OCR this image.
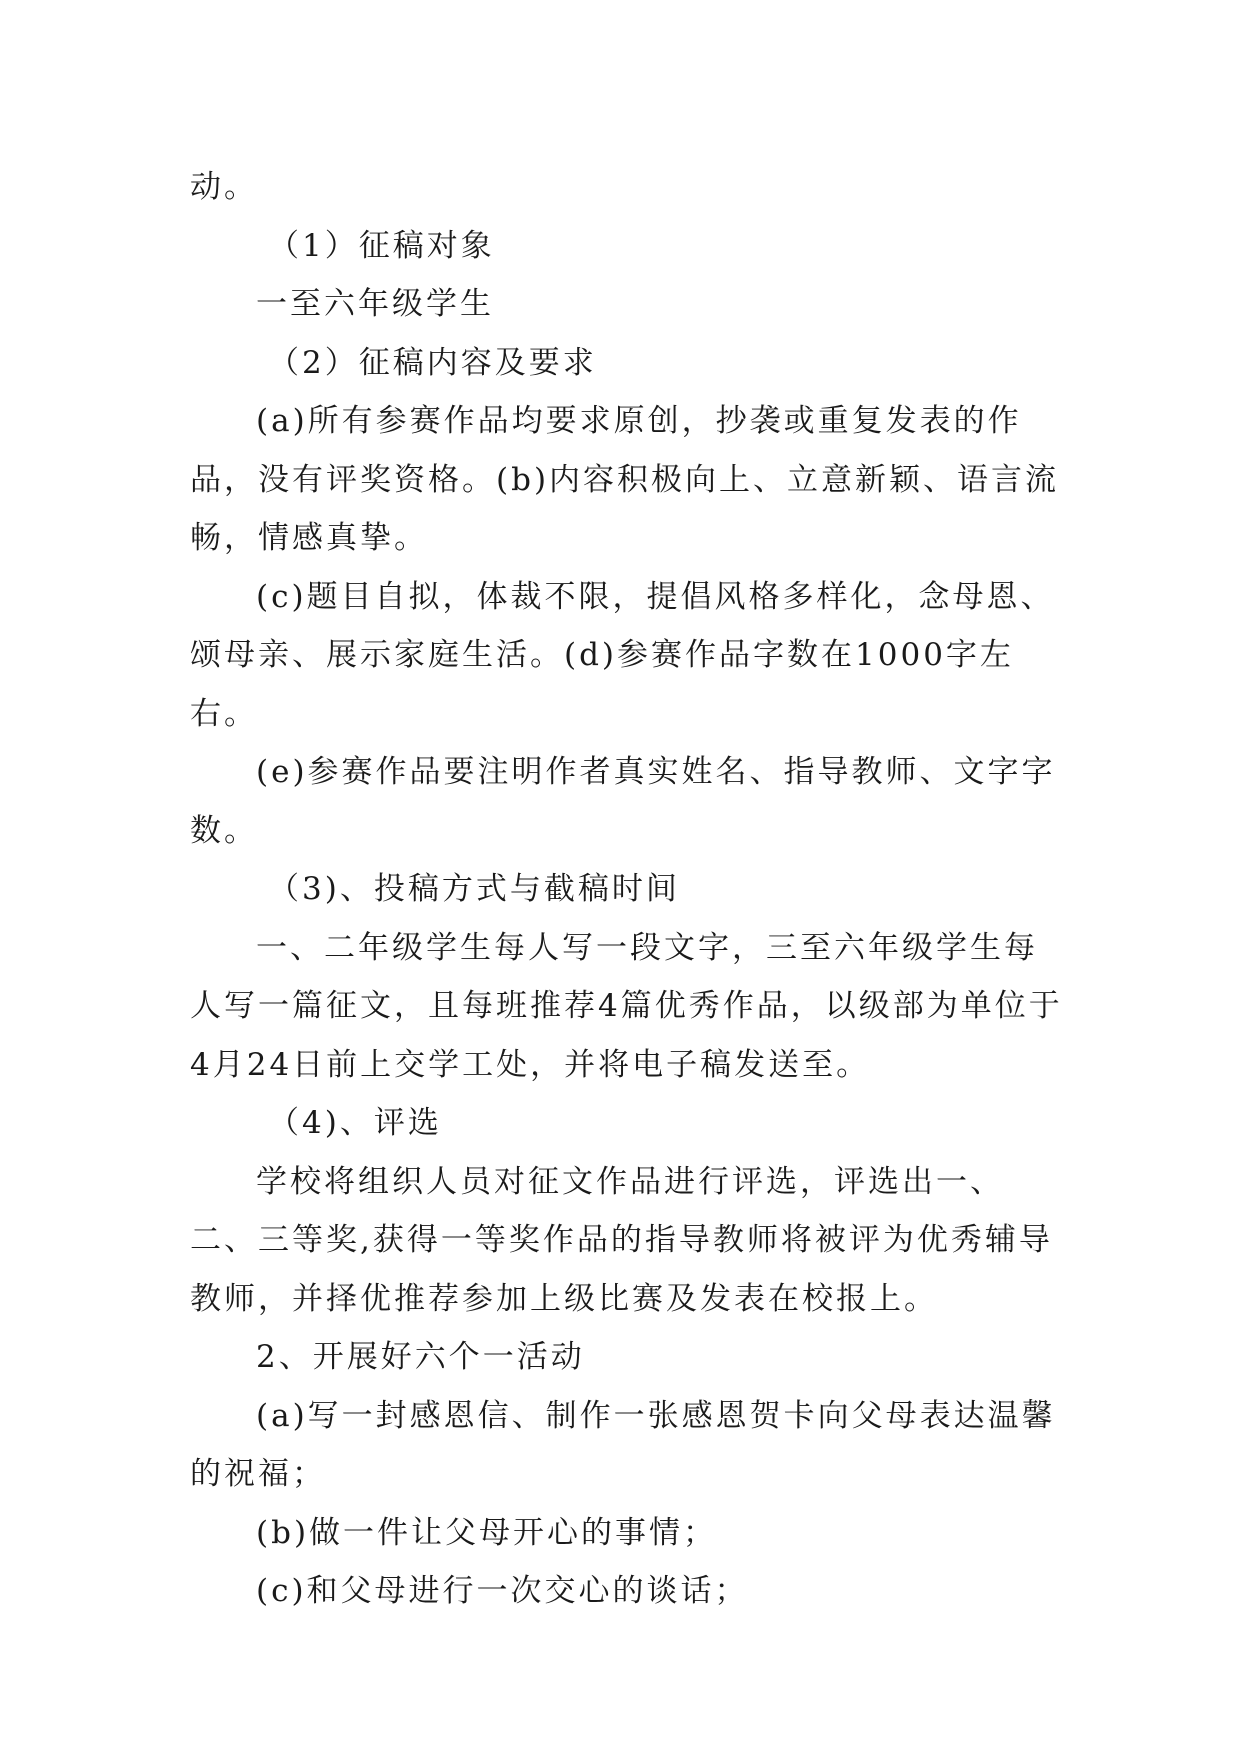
动。

（1）征稿对象

一至六年级学生

（2）征稿内容及要求

(a)所有参赛作品均要求原创，抄袭或重复发表的作品，没有评奖资格。(b)内容积极向上、立意新颖、语言流畅，情感真挚。

(c)题目自拟，体裁不限，提倡风格多样化，念母恩、颂母亲、展示家庭生活。(d)参赛作品字数在1000字左右。

(e)参赛作品要注明作者真实姓名、指导教师、文字字数。

（3)、投稿方式与截稿时间

一、二年级学生每人写一段文字，三至六年级学生每人写一篇征文，且每班推荐4篇优秀作品，以级部为单位于4月24日前上交学工处，并将电子稿发送至。

（4)、评选

学校将组织人员对征文作品进行评选，评选出一、二、三等奖,获得一等奖作品的指导教师将被评为优秀辅导教师，并择优推荐参加上级比赛及发表在校报上。

2、开展好六个一活动

(a)写一封感恩信、制作一张感恩贺卡向父母表达温馨的祝福；

(b)做一件让父母开心的事情；

(c)和父母进行一次交心的谈话；
